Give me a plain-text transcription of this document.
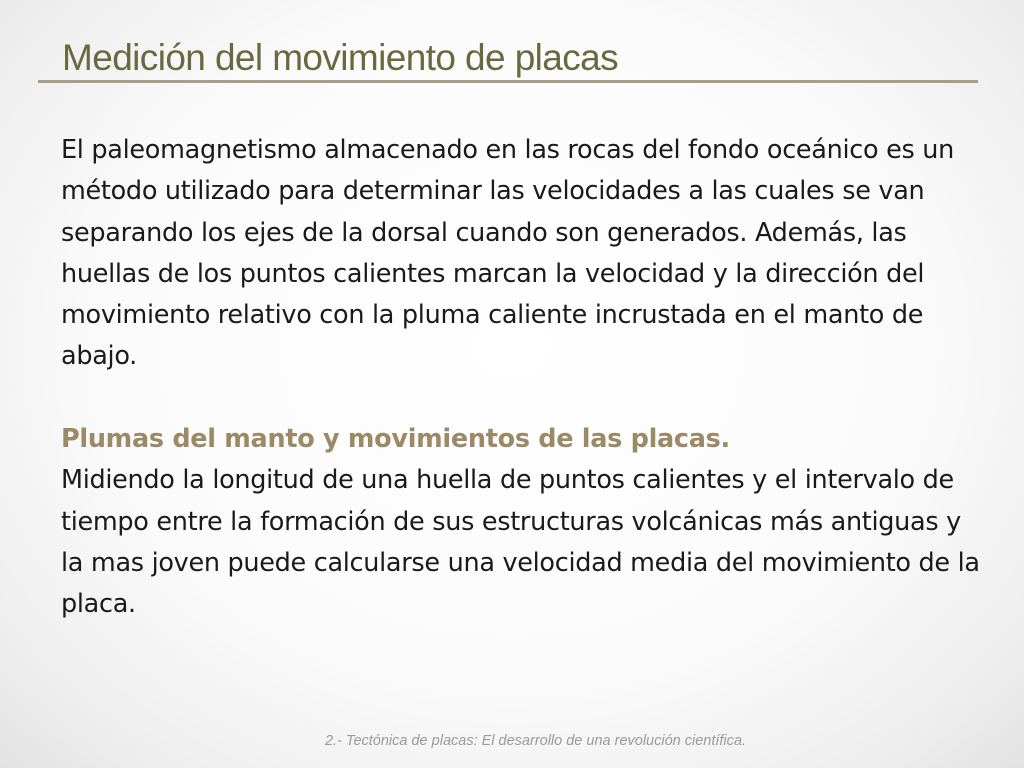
Medición del movimiento de placas

El paleomagnetismo almacenado en las rocas del fondo oceánico es un método utilizado para determinar las velocidades a las cuales se van separando los ejes de la dorsal cuando son generados. Además, las huellas de los puntos calientes marcan la velocidad y la dirección del movimiento relativo con la pluma caliente incrustada en el manto de abajo.

Plumas del manto y movimientos de las placas.

Midiendo la longitud de una huella de puntos calientes y el intervalo de tiempo entre la formación de sus estructuras volcánicas más antiguas y la mas joven puede calcularse una velocidad media del movimiento de la placa.

2.- Tectónica de placas: El desarrollo de una revolución científica.
